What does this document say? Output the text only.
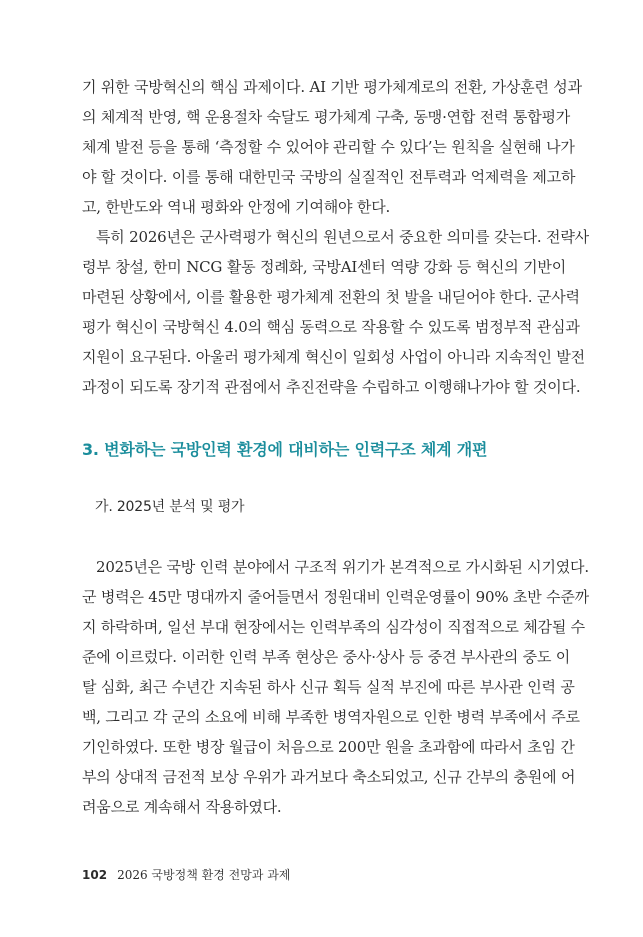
기 위한 국방혁신의 핵심 과제이다. AI 기반 평가체계로의 전환, 가상훈련 성과
의 체계적 반영, 핵 운용절차 숙달도 평가체계 구축, 동맹·연합 전력 통합평가
체계 발전 등을 통해 ‘측정할 수 있어야 관리할 수 있다’는 원칙을 실현해 나가
야 할 것이다. 이를 통해 대한민국 국방의 실질적인 전투력과 억제력을 제고하
고, 한반도와 역내 평화와 안정에 기여해야 한다.
특히 2026년은 군사력평가 혁신의 원년으로서 중요한 의미를 갖는다. 전략사
령부 창설, 한미 NCG 활동 정례화, 국방AI센터 역량 강화 등 혁신의 기반이
마련된 상황에서, 이를 활용한 평가체계 전환의 첫 발을 내딛어야 한다. 군사력
평가 혁신이 국방혁신 4.0의 핵심 동력으로 작용할 수 있도록 범정부적 관심과
지원이 요구된다. 아울러 평가체계 혁신이 일회성 사업이 아니라 지속적인 발전
과정이 되도록 장기적 관점에서 추진전략을 수립하고 이행해나가야 할 것이다.
3. 변화하는 국방인력 환경에 대비하는 인력구조 체계 개편
가. 2025년 분석 및 평가
2025년은 국방 인력 분야에서 구조적 위기가 본격적으로 가시화된 시기였다.
군 병력은 45만 명대까지 줄어들면서 정원대비 인력운영률이 90% 초반 수준까
지 하락하며, 일선 부대 현장에서는 인력부족의 심각성이 직접적으로 체감될 수
준에 이르렀다. 이러한 인력 부족 현상은 중사·상사 등 중견 부사관의 중도 이
탈 심화, 최근 수년간 지속된 하사 신규 획득 실적 부진에 따른 부사관 인력 공
백, 그리고 각 군의 소요에 비해 부족한 병역자원으로 인한 병력 부족에서 주로
기인하였다. 또한 병장 월급이 처음으로 200만 원을 초과함에 따라서 초임 간
부의 상대적 금전적 보상 우위가 과거보다 축소되었고, 신규 간부의 충원에 어
려움으로 계속해서 작용하였다.
102 2026 국방정책 환경 전망과 과제
